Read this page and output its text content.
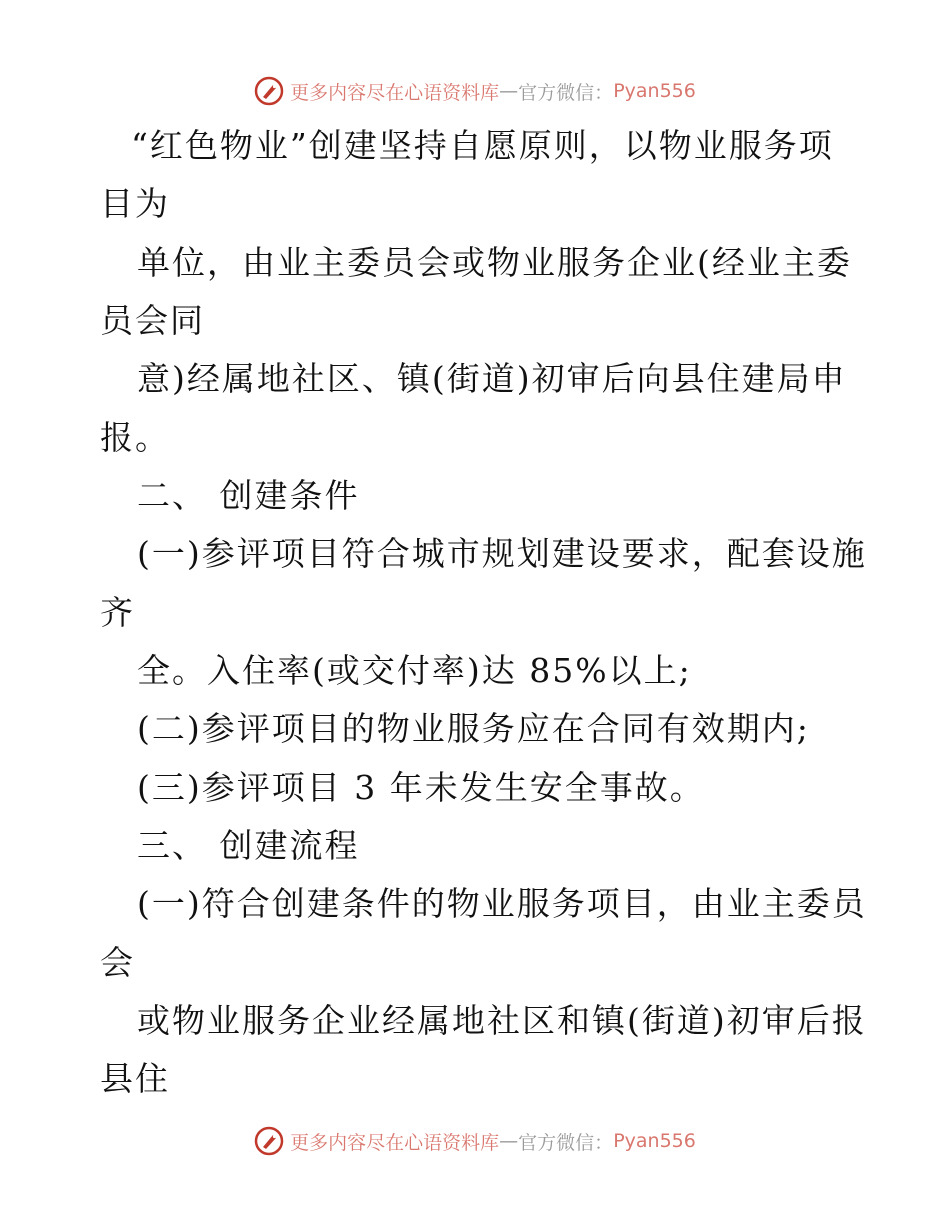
更多内容尽在心语资料库 — 官方微信： Pyan556
“红色物业”创建坚持自愿原则，以物业服务项
目为
单位，由业主委员会或物业服务企业(经业主委
员会同
意)经属地社区、镇(街道)初审后向县住建局申
报。
二、 创建条件
(一)参评项目符合城市规划建设要求，配套设施
齐
全。入住率(或交付率)达 85%以上;
(二)参评项目的物业服务应在合同有效期内;
(三)参评项目 3 年未发生安全事故。
三、 创建流程
(一)符合创建条件的物业服务项目，由业主委员
会
或物业服务企业经属地社区和镇(街道)初审后报
县住
更多内容尽在心语资料库 — 官方微信： Pyan556
